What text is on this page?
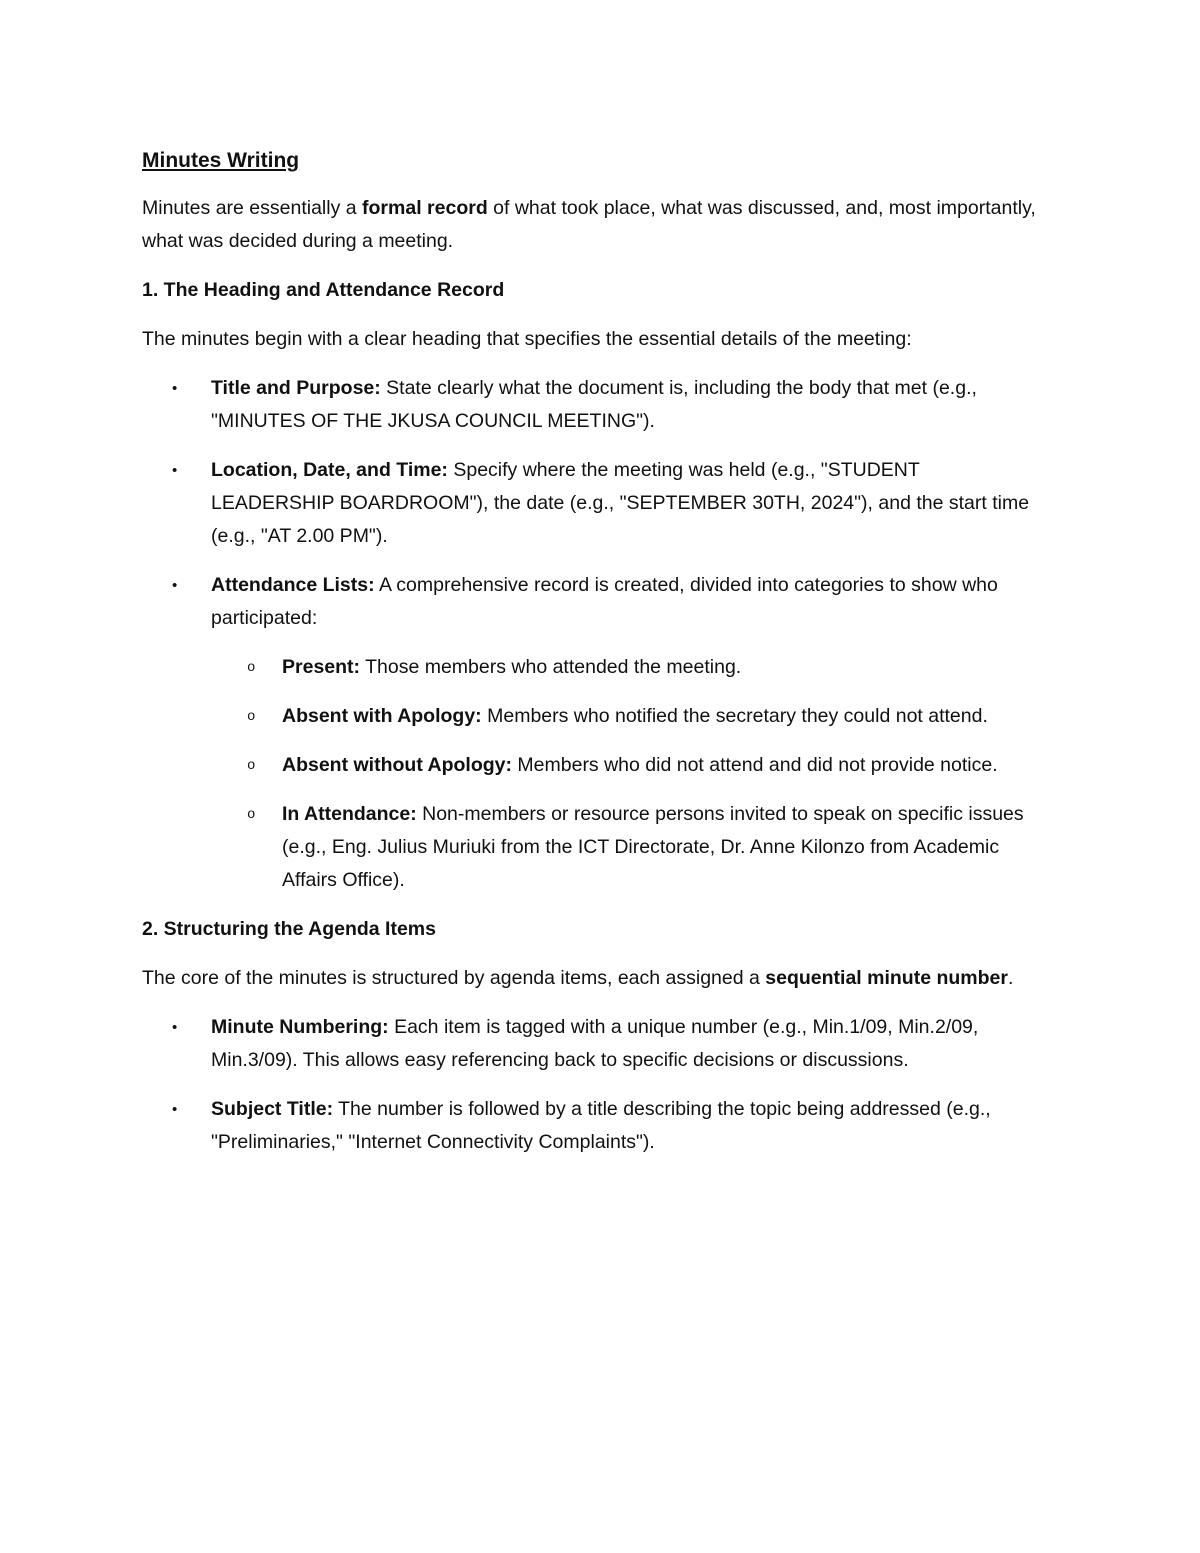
Minutes Writing

Minutes are essentially a formal record of what took place, what was discussed, and, most importantly, what was decided during a meeting.

1. The Heading and Attendance Record

The minutes begin with a clear heading that specifies the essential details of the meeting:

• Title and Purpose: State clearly what the document is, including the body that met (e.g., "MINUTES OF THE JKUSA COUNCIL MEETING").
• Location, Date, and Time: Specify where the meeting was held (e.g., "STUDENT LEADERSHIP BOARDROOM"), the date (e.g., "SEPTEMBER 30TH, 2024"), and the start time (e.g., "AT 2.00 PM").
• Attendance Lists: A comprehensive record is created, divided into categories to show who participated:
o Present: Those members who attended the meeting.
o Absent with Apology: Members who notified the secretary they could not attend.
o Absent without Apology: Members who did not attend and did not provide notice.
o In Attendance: Non-members or resource persons invited to speak on specific issues (e.g., Eng. Julius Muriuki from the ICT Directorate, Dr. Anne Kilonzo from Academic Affairs Office).
2. Structuring the Agenda Items

The core of the minutes is structured by agenda items, each assigned a sequential minute number.

• Minute Numbering: Each item is tagged with a unique number (e.g., Min.1/09, Min.2/09, Min.3/09). This allows easy referencing back to specific decisions or discussions.
• Subject Title: The number is followed by a title describing the topic being addressed (e.g., "Preliminaries," "Internet Connectivity Complaints").
